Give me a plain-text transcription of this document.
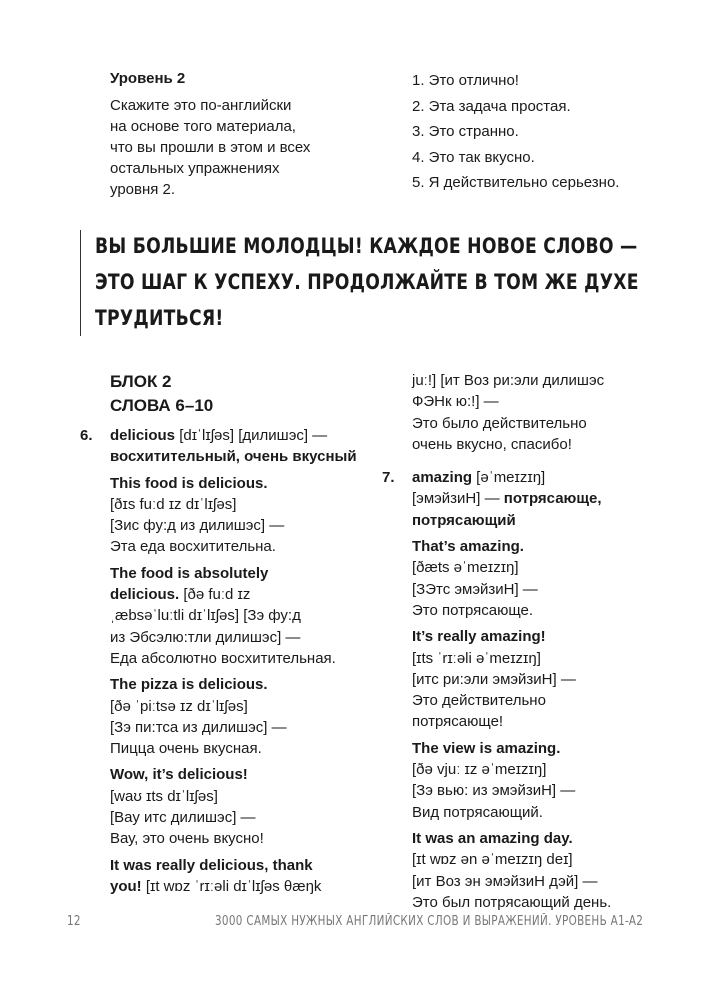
Уровень 2
Скажите это по-английски
на основе того материала,
что вы прошли в этом и всех
остальных упражнениях
уровня 2.
1. Это отлично!
2. Эта задача простая.
3. Это странно.
4. Это так вкусно.
5. Я действительно серьезно.
ВЫ БОЛЬШИЕ МОЛОДЦЫ! КАЖДОЕ НОВОЕ СЛОВО —
ЭТО ШАГ К УСПЕХУ. ПРОДОЛЖАЙТЕ В ТОМ ЖЕ ДУХЕ
ТРУДИТЬСЯ!
БЛОК 2
СЛОВА 6–10
6. delicious [dɪˈlɪʃəs] [дилишэс] —
восхитительный, очень вкусный
This food is delicious.
[ðɪs fuːd ɪz dɪˈlɪʃəs]
[Зис фу:д из дилишэс] —
Эта еда восхитительна.
The food is absolutely
delicious. [ðə fuːd ɪz
ˌæbsəˈluːtli dɪˈlɪʃəs] [Зэ фу:д
из Эбсэлю:тли дилишэс] —
Еда абсолютно восхитительная.
The pizza is delicious.
[ðə ˈpiːtsə ɪz dɪˈlɪʃəs]
[Зэ пи:тса из дилишэс] —
Пицца очень вкусная.
Wow, it’s delicious!
[waʊ ɪts dɪˈlɪʃəs]
[Вау итс дилишэс] —
Вау, это очень вкусно!
It was really delicious, thank
you! [ɪt wɒz ˈrɪːəli dɪˈlɪʃəs θæŋk
juː!] [ит Воз ри:эли дилишэс
ФЭНк ю:!] —
Это было действительно
очень вкусно, спасибо!
7. amazing [əˈmeɪzɪŋ]
[эмэйзиН] — потрясающе,
потрясающий
That’s amazing.
[ðæts əˈmeɪzɪŋ]
[ЗЭтс эмэйзиН] —
Это потрясающе.
It’s really amazing!
[ɪts ˈrɪːəli əˈmeɪzɪŋ]
[итс ри:эли эмэйзиН] —
Это действительно
потрясающе!
The view is amazing.
[ðə vjuː ɪz əˈmeɪzɪŋ]
[Зэ вью: из эмэйзиН] —
Вид потрясающий.
It was an amazing day.
[ɪt wɒz ən əˈmeɪzɪŋ deɪ]
[ит Воз эн эмэйзиН дэй] —
Это был потрясающий день.
12	3000 САМЫХ НУЖНЫХ АНГЛИЙСКИХ СЛОВ И ВЫРАЖЕНИЙ. УРОВЕНЬ A1-A2
